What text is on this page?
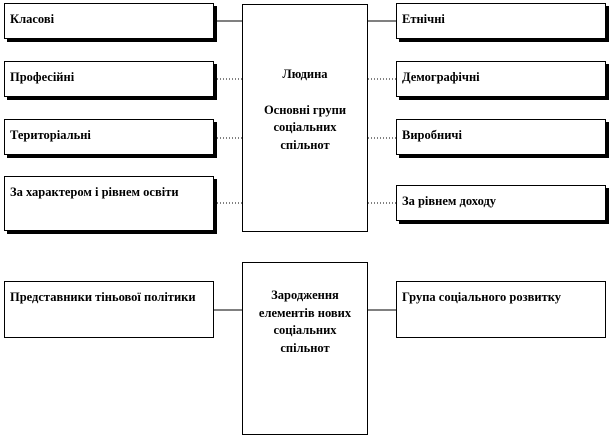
Класові
Професійні
Територіальні
За характером і рівнем освіти
Етнічні
Демографічні
Виробничі
За рівнем доходу
Людина
Основні групи соціальних спільнот
Представники тіньової політики	Група соціального розвитку
Зародження елементів нових соціальних спільнот
